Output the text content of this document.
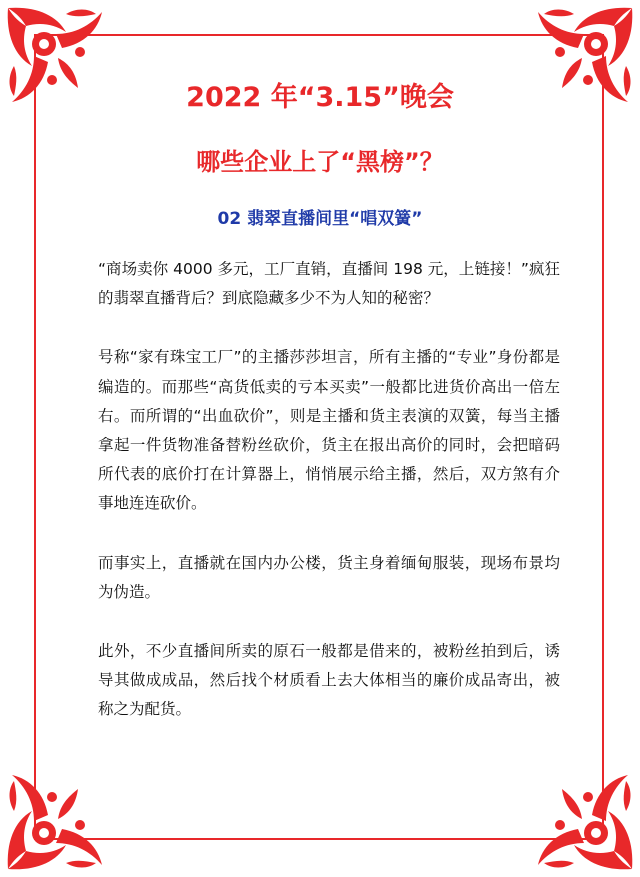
2022 年“3.15”晚会
哪些企业上了“黑榜”？
02 翡翠直播间里“唱双簧”

“商场卖你 4000 多元，工厂直销，直播间 198 元，上链接！”疯狂的翡翠直播背后？到底隐藏多少不为人知的秘密？

号称“家有珠宝工厂”的主播莎莎坦言，所有主播的“专业”身份都是编造的。而那些“高货低卖的亏本买卖”一般都比进货价高出一倍左右。而所谓的“出血砍价”，则是主播和货主表演的双簧，每当主播拿起一件货物准备替粉丝砍价，货主在报出高价的同时，会把暗码所代表的底价打在计算器上，悄悄展示给主播，然后，双方煞有介事地连连砍价。

而事实上，直播就在国内办公楼，货主身着缅甸服装，现场布景均为伪造。

此外，不少直播间所卖的原石一般都是借来的，被粉丝拍到后，诱导其做成成品，然后找个材质看上去大体相当的廉价成品寄出，被称之为配货。
